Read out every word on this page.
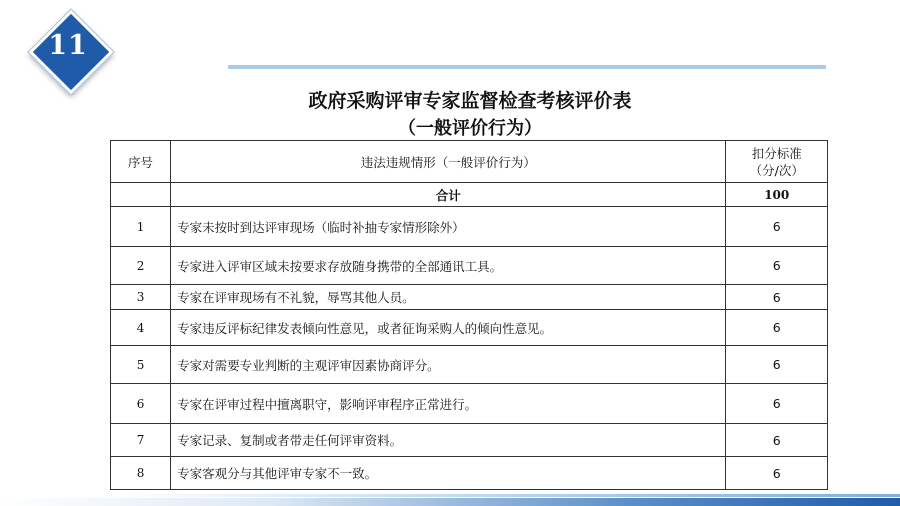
11
政府采购评审专家监督检查考核评价表
（一般评价行为）
序号	违法违规情形（一般评价行为）	扣分标准
（分/次）

	合计	100
1	专家未按时到达评审现场（临时补抽专家情形除外）	6
2	专家进入评审区域未按要求存放随身携带的全部通讯工具。	6
3	专家在评审现场有不礼貌，辱骂其他人员。	6
4	专家违反评标纪律发表倾向性意见，或者征询采购人的倾向性意见。	6
5	专家对需要专业判断的主观评审因素协商评分。	6
6	专家在评审过程中擅离职守，影响评审程序正常进行。	6
7	专家记录、复制或者带走任何评审资料。	6
8	专家客观分与其他评审专家不一致。	6
